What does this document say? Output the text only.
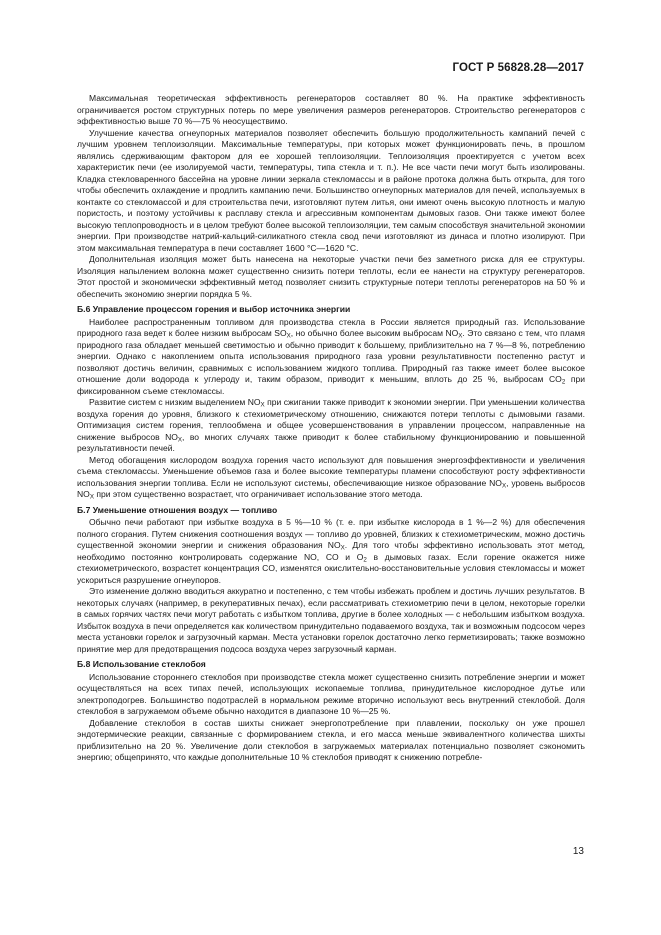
ГОСТ Р 56828.28—2017

Максимальная теоретическая эффективность регенераторов составляет 80 %. На практике эффективность ограничивается ростом структурных потерь по мере увеличения размеров регенераторов. Строительство регенераторов с эффективностью выше 70 %—75 % неосуществимо.

Улучшение качества огнеупорных материалов позволяет обеспечить большую продолжительность кампаний печей с лучшим уровнем теплоизоляции. Максимальные температуры, при которых может функционировать печь, в прошлом являлись сдерживающим фактором для ее хорошей теплоизоляции. Теплоизоляция проектируется с учетом всех характеристик печи (ее изолируемой части, температуры, типа стекла и т. п.). Не все части печи могут быть изолированы. Кладка стекловаренного бассейна на уровне линии зеркала стекломассы и в районе протока должна быть открыта, для того чтобы обеспечить охлаждение и продлить кампанию печи. Большинство огнеупорных материалов для печей, используемых в контакте со стекломассой и для строительства печи, изготовляют путем литья, они имеют очень высокую плотность и малую пористость, и поэтому устойчивы к расплаву стекла и агрессивным компонентам дымовых газов. Они также имеют более высокую теплопроводность и в целом требуют более высокой теплоизоляции, тем самым способствуя значительной экономии энергии. При производстве натрий-кальций-силикатного стекла свод печи изготовляют из динаса и плотно изолируют. При этом максимальная температура в печи составляет 1600 °С—1620 °С.

Дополнительная изоляция может быть нанесена на некоторые участки печи без заметного риска для ее структуры. Изоляция напылением волокна может существенно снизить потери теплоты, если ее нанести на структуру регенераторов. Этот простой и экономически эффективный метод позволяет снизить структурные потери теплоты регенераторов на 50 % и обеспечить экономию энергии порядка 5 %.

Б.6 Управление процессом горения и выбор источника энергии

Наиболее распространенным топливом для производства стекла в России является природный газ. Использование природного газа ведет к более низким выбросам $SO_X$, но обычно более высоким выбросам $NO_X$. Это связано с тем, что пламя природного газа обладает меньшей светимостью и обычно приводит к большему, приблизительно на 7 %—8 %, потреблению энергии. Однако с накоплением опыта использования природного газа уровни результативности постепенно растут и позволяют достичь величин, сравнимых с использованием жидкого топлива. Природный газ также имеет более высокое отношение доли водорода к углероду и, таким образом, приводит к меньшим, вплоть до 25 %, выбросам $CO_2$ при фиксированном съеме стекломассы.

Развитие систем с низким выделением $NO_X$ при сжигании также приводит к экономии энергии. При уменьшении количества воздуха горения до уровня, близкого к стехиометрическому отношению, снижаются потери теплоты с дымовыми газами. Оптимизация систем горения, теплообмена и общее усовершенствования в управлении процессом, направленные на снижение выбросов $NO_X$, во многих случаях также приводит к более стабильному функционированию и повышенной результативности печей.

Метод обогащения кислородом воздуха горения часто используют для повышения энергоэффективности и увеличения съема стекломассы. Уменьшение объемов газа и более высокие температуры пламени способствуют росту эффективности использования энергии топлива. Если не используют системы, обеспечивающие низкое образование $NO_X$, уровень выбросов $NO_X$ при этом существенно возрастает, что ограничивает использование этого метода.

Б.7 Уменьшение отношения воздух — топливо

Обычно печи работают при избытке воздуха в 5 %—10 % (т. е. при избытке кислорода в 1 %—2 %) для обеспечения полного сгорания. Путем снижения соотношения воздух — топливо до уровней, близких к стехиометрическим, можно достичь существенной экономии энергии и снижения образования $NO_X$. Для того чтобы эффективно использовать этот метод, необходимо постоянно контролировать содержание NO, CO и $O_2$ в дымовых газах. Если горение окажется ниже стехиометрического, возрастет концентрация CO, изменятся окислительно-восстановительные условия стекломассы и может ускориться разрушение огнеупоров.

Это изменение должно вводиться аккуратно и постепенно, с тем чтобы избежать проблем и достичь лучших результатов. В некоторых случаях (например, в рекуперативных печах), если рассматривать стехиометрию печи в целом, некоторые горелки в самых горячих частях печи могут работать с избытком топлива, другие в более холодных — с небольшим избытком воздуха. Избыток воздуха в печи определяется как количеством принудительно подаваемого воздуха, так и возможным подсосом через места установки горелок и загрузочный карман. Места установки горелок достаточно легко герметизировать; также возможно принятие мер для предотвращения подсоса воздуха через загрузочный карман.

Б.8 Использование стеклобоя

Использование стороннего стеклобоя при производстве стекла может существенно снизить потребление энергии и может осуществляться на всех типах печей, использующих ископаемые топлива, принудительное кислородное дутье или электроподогрев. Большинство подотраслей в нормальном режиме вторично используют весь внутренний стеклобой. Доля стеклобоя в загружаемом объеме обычно находится в диапазоне 10 %—25 %.

Добавление стеклобоя в состав шихты снижает энергопотребление при плавлении, поскольку он уже прошел эндотермические реакции, связанные с формированием стекла, и его масса меньше эквивалентного количества шихты приблизительно на 20 %. Увеличение доли стеклобоя в загружаемых материалах потенциально позволяет сэкономить энергию; общепринято, что каждые дополнительные 10 % стеклобоя приводят к снижению потребле-

13
